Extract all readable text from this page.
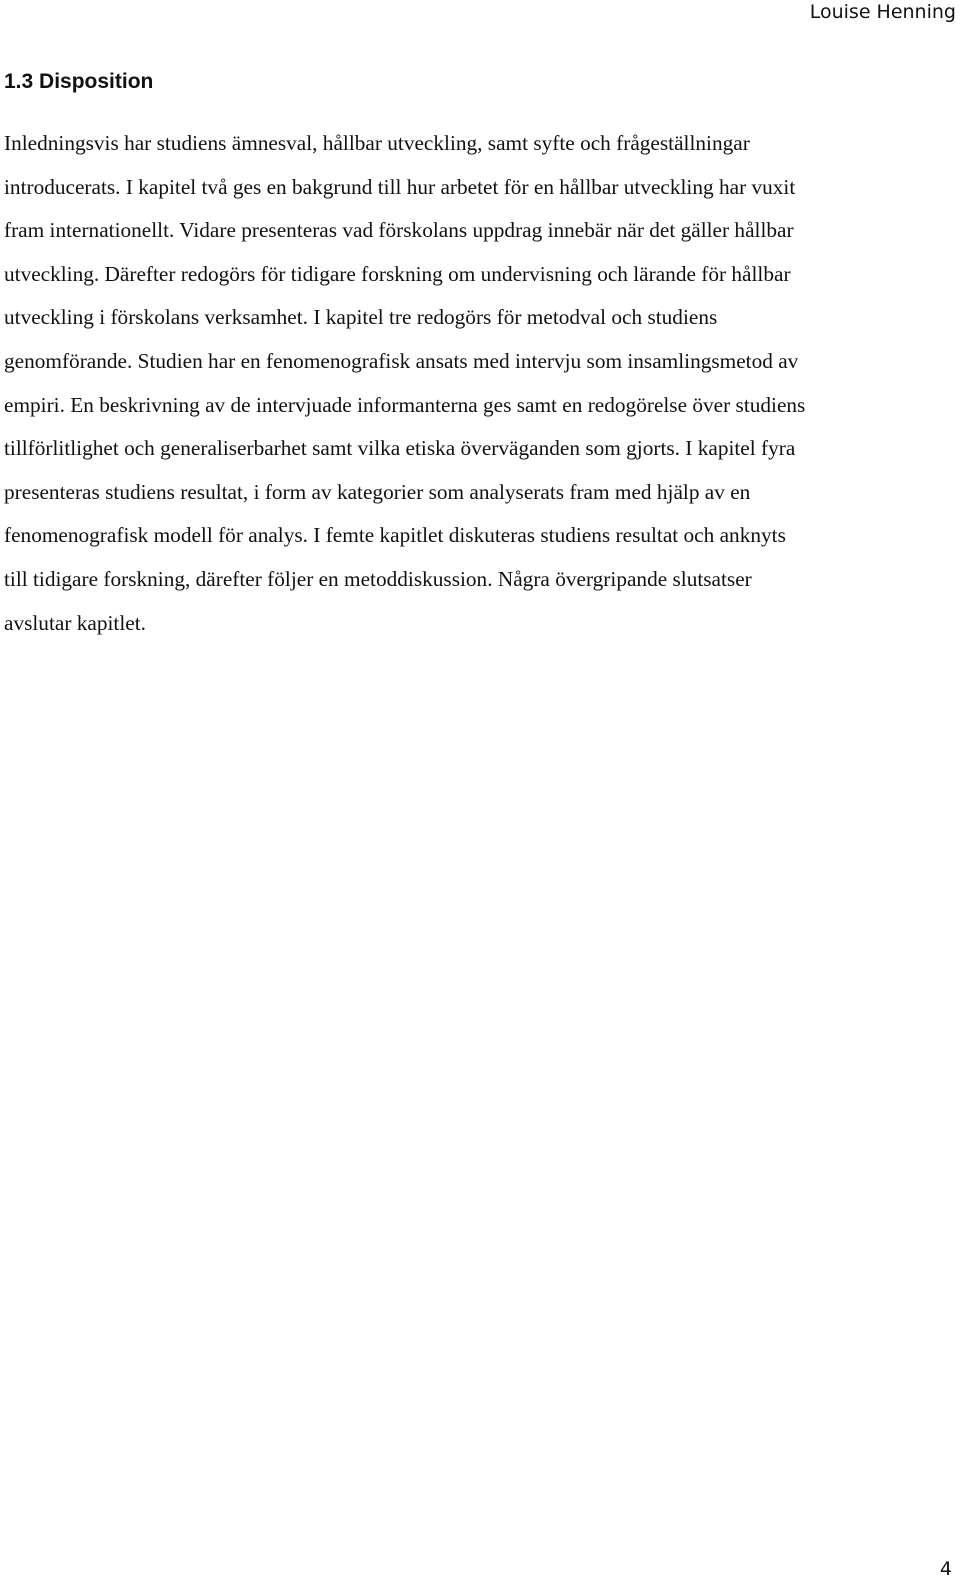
Louise Henning
1.3 Disposition
Inledningsvis har studiens ämnesval, hållbar utveckling, samt syfte och frågeställningar
introducerats. I kapitel två ges en bakgrund till hur arbetet för en hållbar utveckling har vuxit
fram internationellt. Vidare presenteras vad förskolans uppdrag innebär när det gäller hållbar
utveckling. Därefter redogörs för tidigare forskning om undervisning och lärande för hållbar
utveckling i förskolans verksamhet. I kapitel tre redogörs för metodval och studiens
genomförande. Studien har en fenomenografisk ansats med intervju som insamlingsmetod av
empiri. En beskrivning av de intervjuade informanterna ges samt en redogörelse över studiens
tillförlitlighet och generaliserbarhet samt vilka etiska överväganden som gjorts. I kapitel fyra
presenteras studiens resultat, i form av kategorier som analyserats fram med hjälp av en
fenomenografisk modell för analys. I femte kapitlet diskuteras studiens resultat och anknyts
till tidigare forskning, därefter följer en metoddiskussion. Några övergripande slutsatser
avslutar kapitlet.
4
